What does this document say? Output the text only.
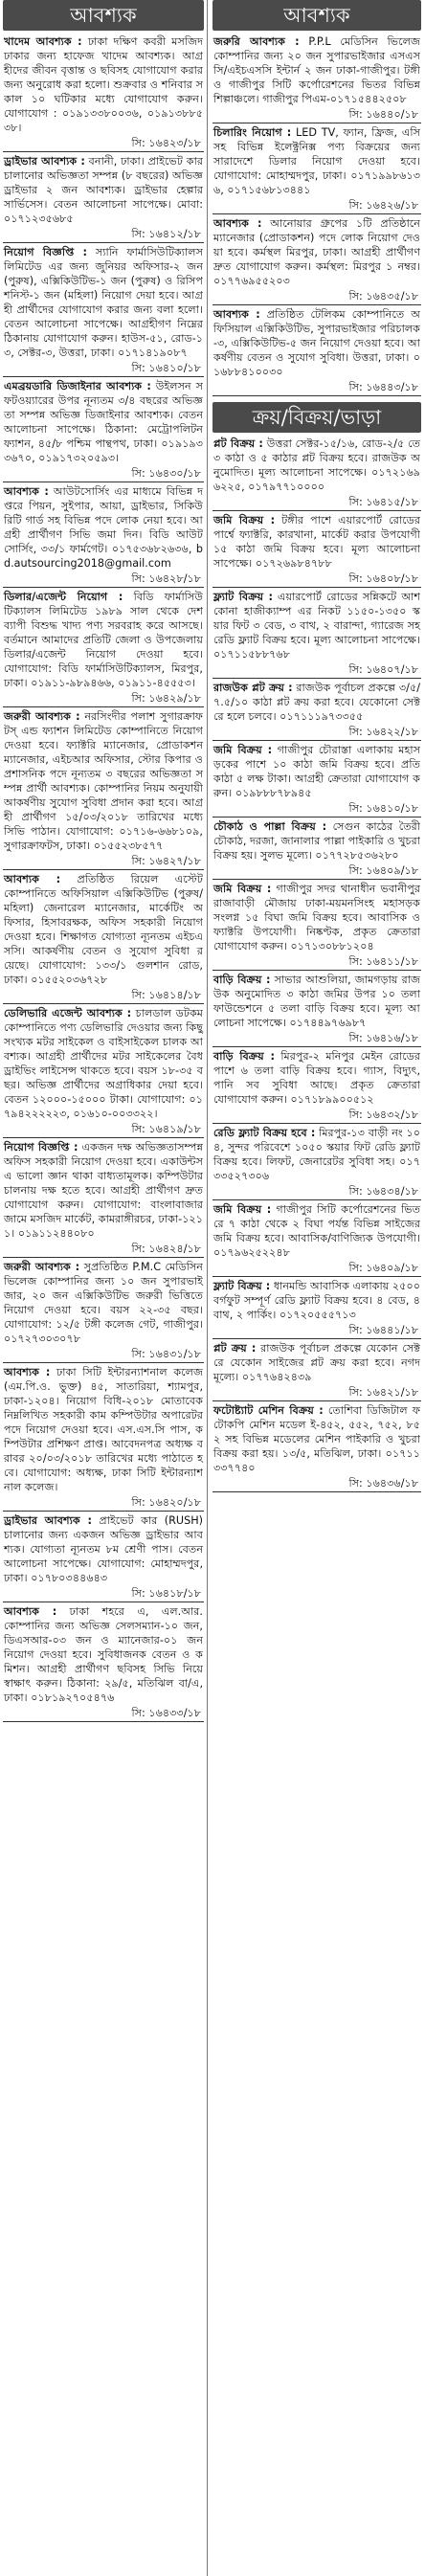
আবশ্যক
খাদেম আবশ্যক : ঢাকা দক্ষিণ কবরী মসজিদ ঢাকার জন্য হাফেজ খাদেম আবশ্যক। আগ্রহীদের জীবন বৃত্তান্ত ও ছবিসহ যোগাযোগ করার জন্য অনুরোধ করা হলো। শুক্রবার ও শনিবার সকাল ১০ ঘটিকার মধ্যে যোগাযোগ করুন। যোগাযোগ : ০১৯১৩৩৮০০৩৬, ০১৯১৩৮৮৫৩৮।
সি: ১৬৪২৩/১৮
ড্রাইভার আবশ্যক : বনানী, ঢাকা। প্রাইভেট কার চালানোর অভিজ্ঞতা সম্পন্ন (৮ বছরের) অভিজ্ঞ ড্রাইভার ২ জন আবশ্যক। ড্রাইভার হেল্পার সার্ভিসেস। বেতন আলোচনা সাপেক্ষে। মোবা: ০১৭১২৩৫৬৮৫
সি: ১৬৪১২/১৮
নিয়োগ বিজ্ঞপ্তি : স্যানি ফার্মাসিউটিক্যালস লিমিটেড এর জন্য জুনিয়র অফিসার-২ জন (পুরুষ), এক্সিকিউটিভ-১ জন (পুরুষ) ও রিসিপশনিস্ট-১ জন (মহিলা) নিয়োগ দেয়া হবে। আগ্রহী প্রার্থীদের যোগাযোগ করার জন্য বলা হলো। বেতন আলোচনা সাপেক্ষে। আগ্রহীগণ নিম্নের ঠিকানায় যোগাযোগ করুন। হাউস-৫১, রোড-১৩, সেক্টর-৩, উত্তরা, ঢাকা। ০১৭১৪১৯০৮৭
সি: ১৬৪১০/১৮
এমব্রয়ডারি ডিজাইনার আবশ্যক : উইলসন সফটওয়্যারের উপর নূন্যতম ৩/৪ বছরের অভিজ্ঞতা সম্পন্ন অভিজ্ঞ ডিজাইনার আবশ্যক। বেতন আলোচনা সাপেক্ষে। ঠিকানা: মেট্রোপলিটন ফ্যাশন, ৪৫/৮ পশ্চিম পান্থপথ, ঢাকা। ০১৯১৯৩৩৬৭০, ০১৯১৭৩২০৫৯৩।
সি: ১৬৪৩০/১৮
আবশ্যক : আউটসোর্সিং এর মাধ্যমে বিভিন্ন দপ্তরে পিয়ন, সুইপার, আয়া, ড্রাইভার, সিকিউরিটি গার্ড সহ বিভিন্ন পদে লোক নেয়া হবে। আগ্রহী প্রার্থীগণ সিভি জমা দিন। বিডি আউটসোর্সিং, ৩৩/১ ফার্মগেট। ০১৭৫৩৬৮২৬৩৬, bd.autsourcing2018@gmail.com
সি: ১৬৪২৮/১৮
ডিলার/এজেন্ট নিয়োগ : বিডি ফার্মাসিউটিক্যালস লিমিটেড ১৯৮৯ সাল থেকে দেশব্যাপী বিশুদ্ধ খাদ্য পণ্য সরবরাহ করে আসছে। বর্তমানে আমাদের প্রতিটি জেলা ও উপজেলায় ডিলার/এজেন্ট নিয়োগ দেওয়া হবে। যোগাযোগ: বিডি ফার্মাসিউটিক্যালস, মিরপুর, ঢাকা। ০১৯১১-৯৮৯৪৬৬, ০১৯১১-৪৫৫৫৩।
সি: ১৬৪২৯/১৮
জরুরী আবশ্যক : নরসিংদীর পলাশ সুগারক্রাফটস্ এন্ড ফ্যাশন লিমিটেড কোম্পানিতে নিয়োগ দেওয়া হবে। ফ্যাক্টরি ম্যানেজার, প্রোডাকশন ম্যানেজার, এইচআর অফিসার, স্টোর কিপার ও প্রশাসনিক পদে নূন্যতম ৩ বছরের অভিজ্ঞতা সম্পন্ন প্রার্থী আবশ্যক। কোম্পানির নিয়ম অনুযায়ী আকর্ষণীয় সুযোগ সুবিধা প্রদান করা হবে। আগ্রহী প্রার্থীগণ ১৫/০৩/২০১৮ তারিখের মধ্যে সিভি পাঠান। যোগাযোগ: ০১৭১৬-৬৬৮১০৯, সুগারক্রাফটস, ঢাকা। ০১৫৫২৩৮৫৭৭
সি: ১৬৪২৭/১৮
আবশ্যক : প্রতিষ্ঠিত রিয়েল এস্টেট কোম্পানিতে অফিসিয়াল এক্সিকিউটিভ (পুরুষ/মহিলা) জেনারেল ম্যানেজার, মার্কেটিং অফিসার, হিসাবরক্ষক, অফিস সহকারী নিয়োগ দেওয়া হবে। শিক্ষাগত যোগ্যতা ন্যূনতম এইচএসসি। আকর্ষণীয় বেতন ও সুযোগ সুবিধা রয়েছে। যোগাযোগ: ১৩৩/১ গুলশান রোড, ঢাকা। ০১৫৫২০৩৬৭২৮
সি: ১৬৪১৪/১৮
ডেলিভারি এজেন্ট আবশ্যক : চালডাল ডটকম কোম্পানিতে পণ্য ডেলিভারি দেওয়ার জন্য কিছু সংখ্যক মটর সাইকেল ও বাইসাইকেল চালক আবশ্যক। আগ্রহী প্রার্থীদের মটর সাইকেলের বৈধ ড্রাইভিং লাইসেন্স থাকতে হবে। বয়স ১৮-৩৫ বছর। অভিজ্ঞ প্রার্থীদের অগ্রাধিকার দেয়া হবে। বেতন ১২০০০-১৫০০০ টাকা। যোগাযোগ: ০১৭৯৪২২২২২৩, ০১৬১০-০০৩৩২২।
সি: ১৬৪১৯/১৮
নিয়োগ বিজ্ঞপ্তি : একজন দক্ষ অভিজ্ঞতাসম্পন্ন অফিস সহকারী নিয়োগ দেওয়া হবে। একাউন্টস এ ভালো জ্ঞান থাকা বাধ্যতামূলক। কম্পিউটার চালনায় দক্ষ হতে হবে। আগ্রহী প্রার্থীগণ দ্রুত যোগাযোগ করুন। যোগাযোগ: বাংলাবাজার জামে মসজিদ মার্কেট, কামরাঙ্গীরচর, ঢাকা-১২১১। ০১৯১১২৪৪০৮০
সি: ১৬৪২৪/১৮
জরুরী আবশ্যক : সুপ্রতিষ্ঠিত P.M.C মেডিসিন ভিলেজ কোম্পানির জন্য ১০ জন সুপারভাইজার, ২০ জন এক্সিকিউটিভ জরুরী ভিত্তিতে নিয়োগ দেওয়া হবে। বয়স ২২-৩৫ বছর। যোগাযোগ: ১২/৫ টঙ্গী কলেজ গেট, গাজীপুর। ০১৭২৭৩০৩০৭৮
সি: ১৬৪৩১/১৮
আবশ্যক : ঢাকা সিটি ইন্টারন্যাশনাল কলেজ (এম.পি.ও. ভুক্ত) ৪৫, সাতারিয়া, শ্যামপুর, ঢাকা-১২০৪। নিয়োগ বিধি-২০১৮ মোতাবেক নিম্নলিখিত সহকারী কাম কম্পিউটার অপারেটর পদে নিয়োগ দেওয়া হবে। এস.এস.সি পাস, কম্পিউটার প্রশিক্ষণ প্রাপ্ত। আবেদনপত্র অধ্যক্ষ বরাবর ২০/০৩/২০১৮ তারিখের মধ্যে পাঠাতে হবে। যোগাযোগ: অধ্যক্ষ, ঢাকা সিটি ইন্টারন্যাশনাল কলেজ।
সি: ১৬৪২০/১৮
ড্রাইভার আবশ্যক : প্রাইভেট কার (RUSH) চালানোর জন্য একজন অভিজ্ঞ ড্রাইভার আবশ্যক। যোগ্যতা ন্যূনতম ৮ম শ্রেণী পাস। বেতন আলোচনা সাপেক্ষে। যোগাযোগ: মোহাম্মদপুর, ঢাকা। ০১৭৮০৩৪৪৬৪৩
সি: ১৬৪১৮/১৮
আবশ্যক : ঢাকা শহরে এ, এল.আর. কোম্পানির জন্য অভিজ্ঞ সেলসম্যান-১০ জন, ডিএসআর-০৩ জন ও ম্যানেজার-০১ জন নিয়োগ দেওয়া হবে। সুবিধাজনক বেতন ও কমিশন। আগ্রহী প্রার্থীগণ ছবিসহ সিভি নিয়ে স্বাক্ষাৎ করুন। ঠিকানা: ২৯/৫, মতিঝিল বা/এ, ঢাকা। ০১৮১৯২৭০৫৪৭৬
সি: ১৬৪৩৩/১৮
আবশ্যক
জরুরি আবশ্যক : P.P.L মেডিসিন ভিলেজ কোম্পানির জন্য ২০ জন সুপারভাইজার এসএসসি/এইচএসসি ইন্টার্ন ২ জন ঢাকা-গাজীপুর। টঙ্গী ও গাজীপুর সিটি কর্পোরেশনের ভিতর বিভিন্ন শিল্পাঞ্চলে। গাজীপুর পিএম-০১৭১৫৪৪২৫০৮
সি: ১৬৪৪০/১৮
চিলারিং নিয়োগ : LED TV, ফ্যান, ফ্রিজ, এসি সহ বিভিন্ন ইলেক্ট্রনিক্স পণ্য বিক্রয়ের জন্য সারাদেশে ডিলার নিয়োগ দেওয়া হবে। যোগাযোগ: মোহাম্মদপুর, ঢাকা। ০১৭১৯৯৮৬১৩৬, ০১৭১৫৬৮১৩৪৪১
সি: ১৬৪২৬/১৮
আবশ্যক : আনোয়ার গ্রুপের ১টি প্রতিষ্ঠানে ম্যানেজার (প্রোডাকশন) পদে লোক নিয়োগ দেওয়া হবে। কর্মস্থল মিরপুর, ঢাকা। আগ্রহী প্রার্থীগণ দ্রুত যোগাযোগ করুন। কর্মস্থল: মিরপুর ১ নম্বর। ০১৭৭৬৯৫৫২০৩
সি: ১৬৪৩৫/১৮
আবশ্যক : প্রতিষ্ঠিত টেলিকম কোম্পানিতে অফিসিয়াল এক্সিকিউটিভ, সুপারভাইজার পরিচালক-৩, এক্সিকিউটিভ-৫ জন নিয়োগ দেওয়া হবে। আকর্ষণীয় বেতন ও সুযোগ সুবিধা। উত্তরা, ঢাকা। ০১৬৮৮৪১০০৩০
সি: ১৬৪৪৩/১৮
ক্রয়/বিক্রয়/ভাড়া
প্লট বিক্রয় : উত্তরা সেক্টর-১৫/১৬, রোড-২/৫ তে ৩ কাঠা ও ৫ কাঠার প্লট বিক্রয় হবে। রাজউক অনুমোদিত। মূল্য আলোচনা সাপেক্ষে। ০১৭২১৬৯৬২২৫, ০১৭৯৭৭১০০০০
সি: ১৬৪১৫/১৮
জমি বিক্রয় : টঙ্গীর পাশে এয়ারপোর্ট রোডের পার্শ্বে ফ্যাক্টরি, কারখানা, মার্কেট করার উপযোগী ১৫ কাঠা জমি বিক্রয় হবে। মূল্য আলোচনা সাপেক্ষে। ০১৭২৬৯৮৪৭৮৮
সি: ১৬৪০৮/১৮
ফ্ল্যাট বিক্রয় : এয়ারপোর্ট রোডের সন্নিকটে আশকোনা হাজীক্যাম্প এর নিকট ১১৫০-১৩৫০ স্কয়ার ফিট ৩ বেড, ৩ বাথ, ২ বারান্দা, গ্যারেজ সহ রেডি ফ্ল্যাট বিক্রয় হবে। মূল্য আলোচনা সাপেক্ষে। ০১৭১১৫৮৮৭৬৮
সি: ১৬৪০৭/১৮
রাজউক প্লট ক্রয় : রাজউক পূর্বাচল প্রকল্পে ৩/৫/৭.৫/১০ কাঠা প্লট ক্রয় করা হবে। যেকোনো সেক্টরে হলে চলবে। ০১৭১১১৯৭৩৩৫৫
সি: ১৬৪২২/১৮
জমি বিক্রয় : গাজীপুর চৌরাস্তা এলাকায় মহাসড়কের পাশে ১০ কাঠা জমি বিক্রয় হবে। প্রতি কাঠা ৫ লক্ষ টাকা। আগ্রহী ক্রেতারা যোগাযোগ করুন। ০১৯৮৮৮৭৮৯৪৫
সি: ১৬৪১০/১৮
চৌকাঠ ও পাল্লা বিক্রয় : সেগুন কাঠের তৈরী চৌকাঠ, দরজা, জানালার পাল্লা পাইকারি ও খুচরা বিক্রয় হয়। সুলভ মূল্যে। ০১৭৭২৮৫৩৬২৮০
সি: ১৬৪০৯/১৮
জমি বিক্রয় : গাজীপুর সদর থানাধীন ভবানীপুর রাজাবাড়ী মৌজায় ঢাকা-ময়মনসিংহ মহাসড়ক সংলগ্ন ১৫ বিঘা জমি বিক্রয় হবে। আবাসিক ও ফ্যাক্টরি উপযোগী। নিষ্কণ্টক, প্রকৃত ক্রেতারা যোগাযোগ করুন। ০১৭১৩০৮৮১২০৪
সি: ১৬৪১১/১৮
বাড়ি বিক্রয় : সাভার আশুলিয়া, জামগড়ায় রাজউক অনুমোদিত ৩ কাঠা জমির উপর ১০ তলা ফাউন্ডেশনে ৫ তলা বাড়ি বিক্রয় হবে। মূল্য আলোচনা সাপেক্ষে। ০১৭৪৪৯৭৬৯৮৭
সি: ১৬৪১৬/১৮
বাড়ি বিক্রয় : মিরপুর-২ মনিপুর মেইন রোডের পাশে ৬ তলা বাড়ি বিক্রয় হবে। গ্যাস, বিদ্যুৎ, পানি সব সুবিধা আছে। প্রকৃত ক্রেতারা যোগাযোগ করুন। ০১৭১৮৯৯০০৫১২
সি: ১৬৪৩২/১৮
রেডি ফ্ল্যাট বিক্রয় হবে : মিরপুর-১৩ বাড়ী নং ১০৪, সুন্দর পরিবেশে ১০৫০ স্কয়ার ফিট রেডি ফ্ল্যাট বিক্রয় হবে। লিফট, জেনারেটর সুবিধা সহ। ০১৭৩৩৫২৭৩০৬
সি: ১৬৪৩৪/১৮
জমি বিক্রয় : গাজীপুর সিটি কর্পোরেশনের ভিতরে ৭ কাঠা থেকে ২ বিঘা পর্যন্ত বিভিন্ন সাইজের জমি বিক্রয় হবে। আবাসিক/বাণিজ্যিক উপযোগী। ০১৭৯৬২৫২২৪৮
সি: ১৬৪০৯/১৮
ফ্ল্যাট বিক্রয় : ধানমন্ডি আবাসিক এলাকায় ২৫০০ বর্গফুট সম্পূর্ণ রেডি ফ্ল্যাট বিক্রয় হবে। ৪ বেড, ৪ বাথ, ২ পার্কিং। ০১৭২০৫৫৫৭১৩
সি: ১৬৪৪১/১৮
প্লট ক্রয় : রাজউক পূর্বাচল প্রকল্পে যেকোন সেক্টরে যেকোন সাইজের প্লট ক্রয় করা হবে। নগদ মূল্যে। ০১৭৭৬৪২৪৩৯
সি: ১৬৪২১/১৮
ফটোষ্ট্যাট মেশিন বিক্রয় : তোশিবা ডিজিটাল ফটোকপি মেশিন মডেল ই-৪৫২, ৫৫২, ৭৫২, ৮৫২ সহ বিভিন্ন মডেলের মেশিন পাইকারি ও খুচরা বিক্রয় করা হয়। ১৩/৫, মতিঝিল, ঢাকা। ০১৭১১৩৩৭৭৪০
সি: ১৬৪৩৬/১৮
